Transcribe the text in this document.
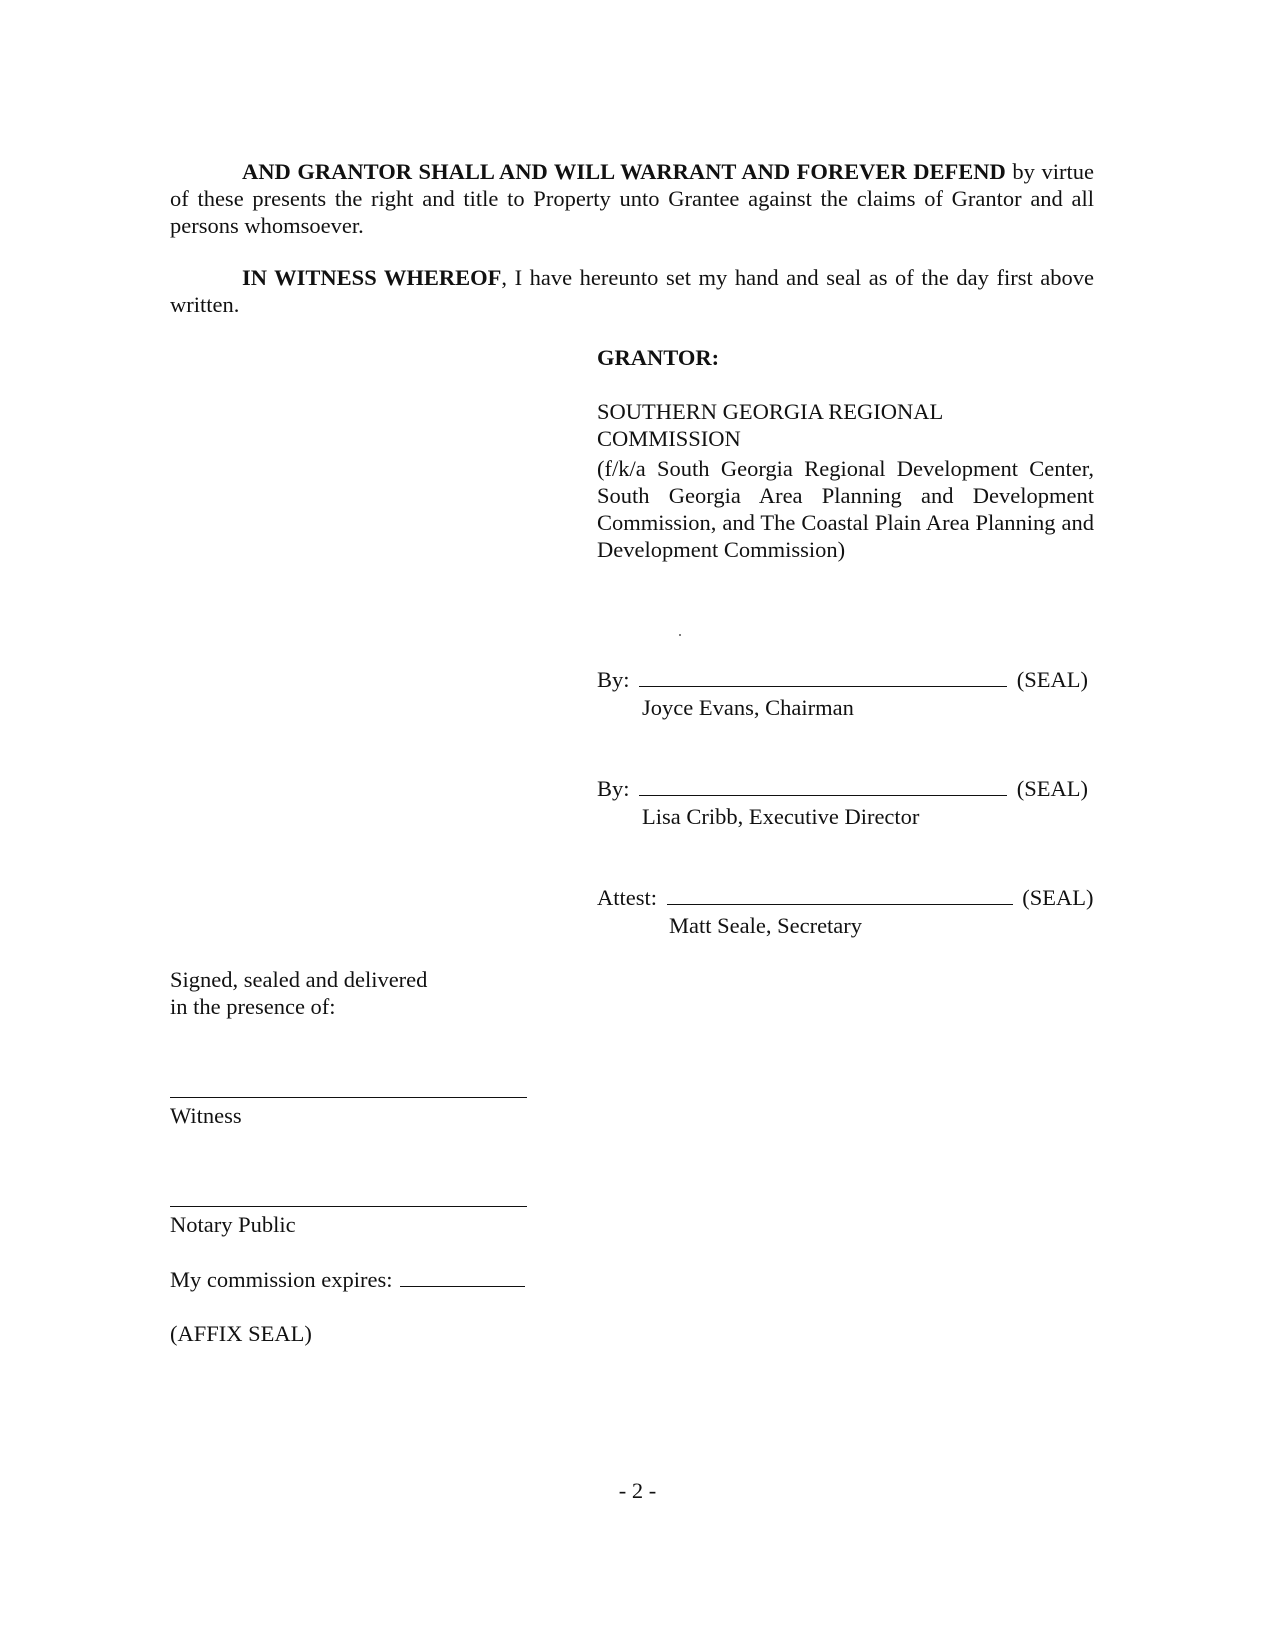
AND GRANTOR SHALL AND WILL WARRANT AND FOREVER DEFEND by virtue of these presents the right and title to Property unto Grantee against the claims of Grantor and all persons whomsoever.
IN WITNESS WHEREOF, I have hereunto set my hand and seal as of the day first above written.
GRANTOR:
SOUTHERN GEORGIA REGIONAL
COMMISSION
(f/k/a South Georgia Regional Development Center, South Georgia Area Planning and Development Commission, and The Coastal Plain Area Planning and Development Commission)
By:	(SEAL)
Joyce Evans, Chairman
By:	(SEAL)
Lisa Cribb, Executive Director
Attest:	(SEAL)
Matt Seale, Secretary
Signed, sealed and delivered
in the presence of:
Witness
Notary Public
My commission expires:
(AFFIX SEAL)
- 2 -
